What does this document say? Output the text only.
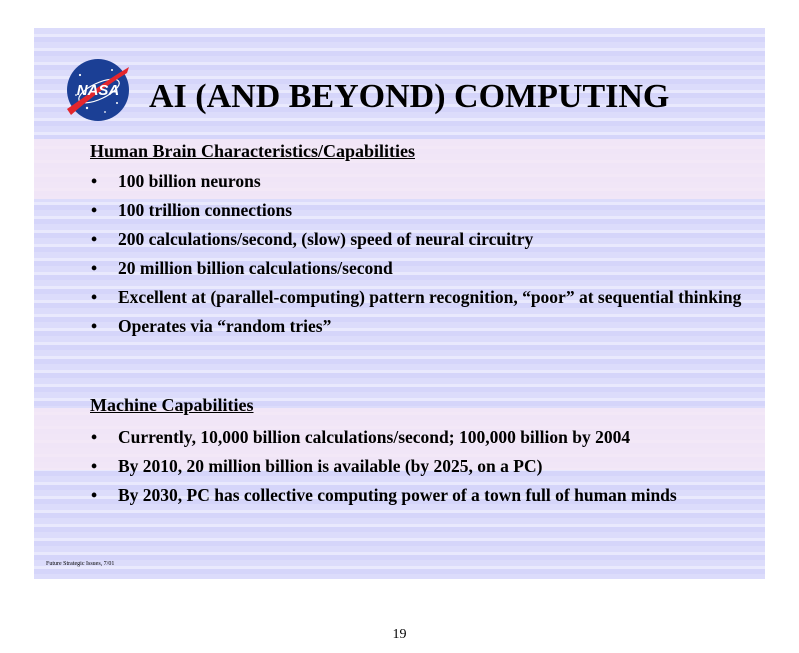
NASA AI (AND BEYOND) COMPUTING
Human Brain Characteristics/Capabilities
• 100 billion neurons
• 100 trillion connections
• 200 calculations/second, (slow) speed of neural circuitry
• 20 million billion calculations/second
• Excellent at (parallel-computing) pattern recognition, “poor” at sequential thinking
• Operates via “random tries”
Machine Capabilities
• Currently, 10,000 billion calculations/second; 100,000 billion by 2004
• By 2010, 20 million billion is available (by 2025, on a PC)
• By 2030, PC has collective computing power of a town full of human minds
Future Strategic Issues, 7/01
19
